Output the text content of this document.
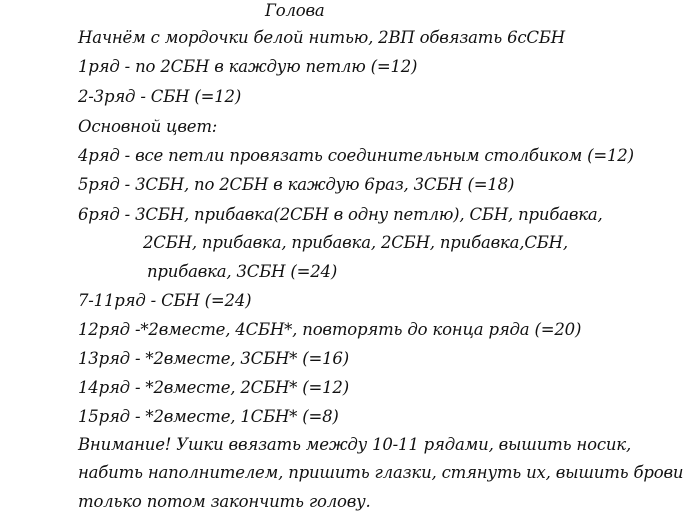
Голова
Начнём с мордочки белой нитью, 2ВП обвязать 6сСБН
1ряд - по 2СБН в каждую петлю (=12)
2-3ряд - СБН (=12)
Основной цвет:
4ряд - все петли провязать соединительным столбиком (=12)
5ряд - 3СБН, по 2СБН в каждую 6раз, 3СБН (=18)
6ряд - 3СБН, прибавка(2СБН в одну петлю), СБН, прибавка,
2СБН, прибавка, прибавка, 2СБН, прибавка,СБН,
прибавка, 3СБН (=24)
7-11ряд - СБН (=24)
12ряд -*2вместе, 4СБН*, повторять до конца ряда (=20)
13ряд - *2вместе, 3СБН* (=16)
14ряд - *2вместе, 2СБН* (=12)
15ряд - *2вместе, 1СБН* (=8)
Внимание! Ушки ввязать между 10-11 рядами, вышить носик,
набить наполнителем, пришить глазки, стянуть их, вышить брови
только потом закончить голову.
